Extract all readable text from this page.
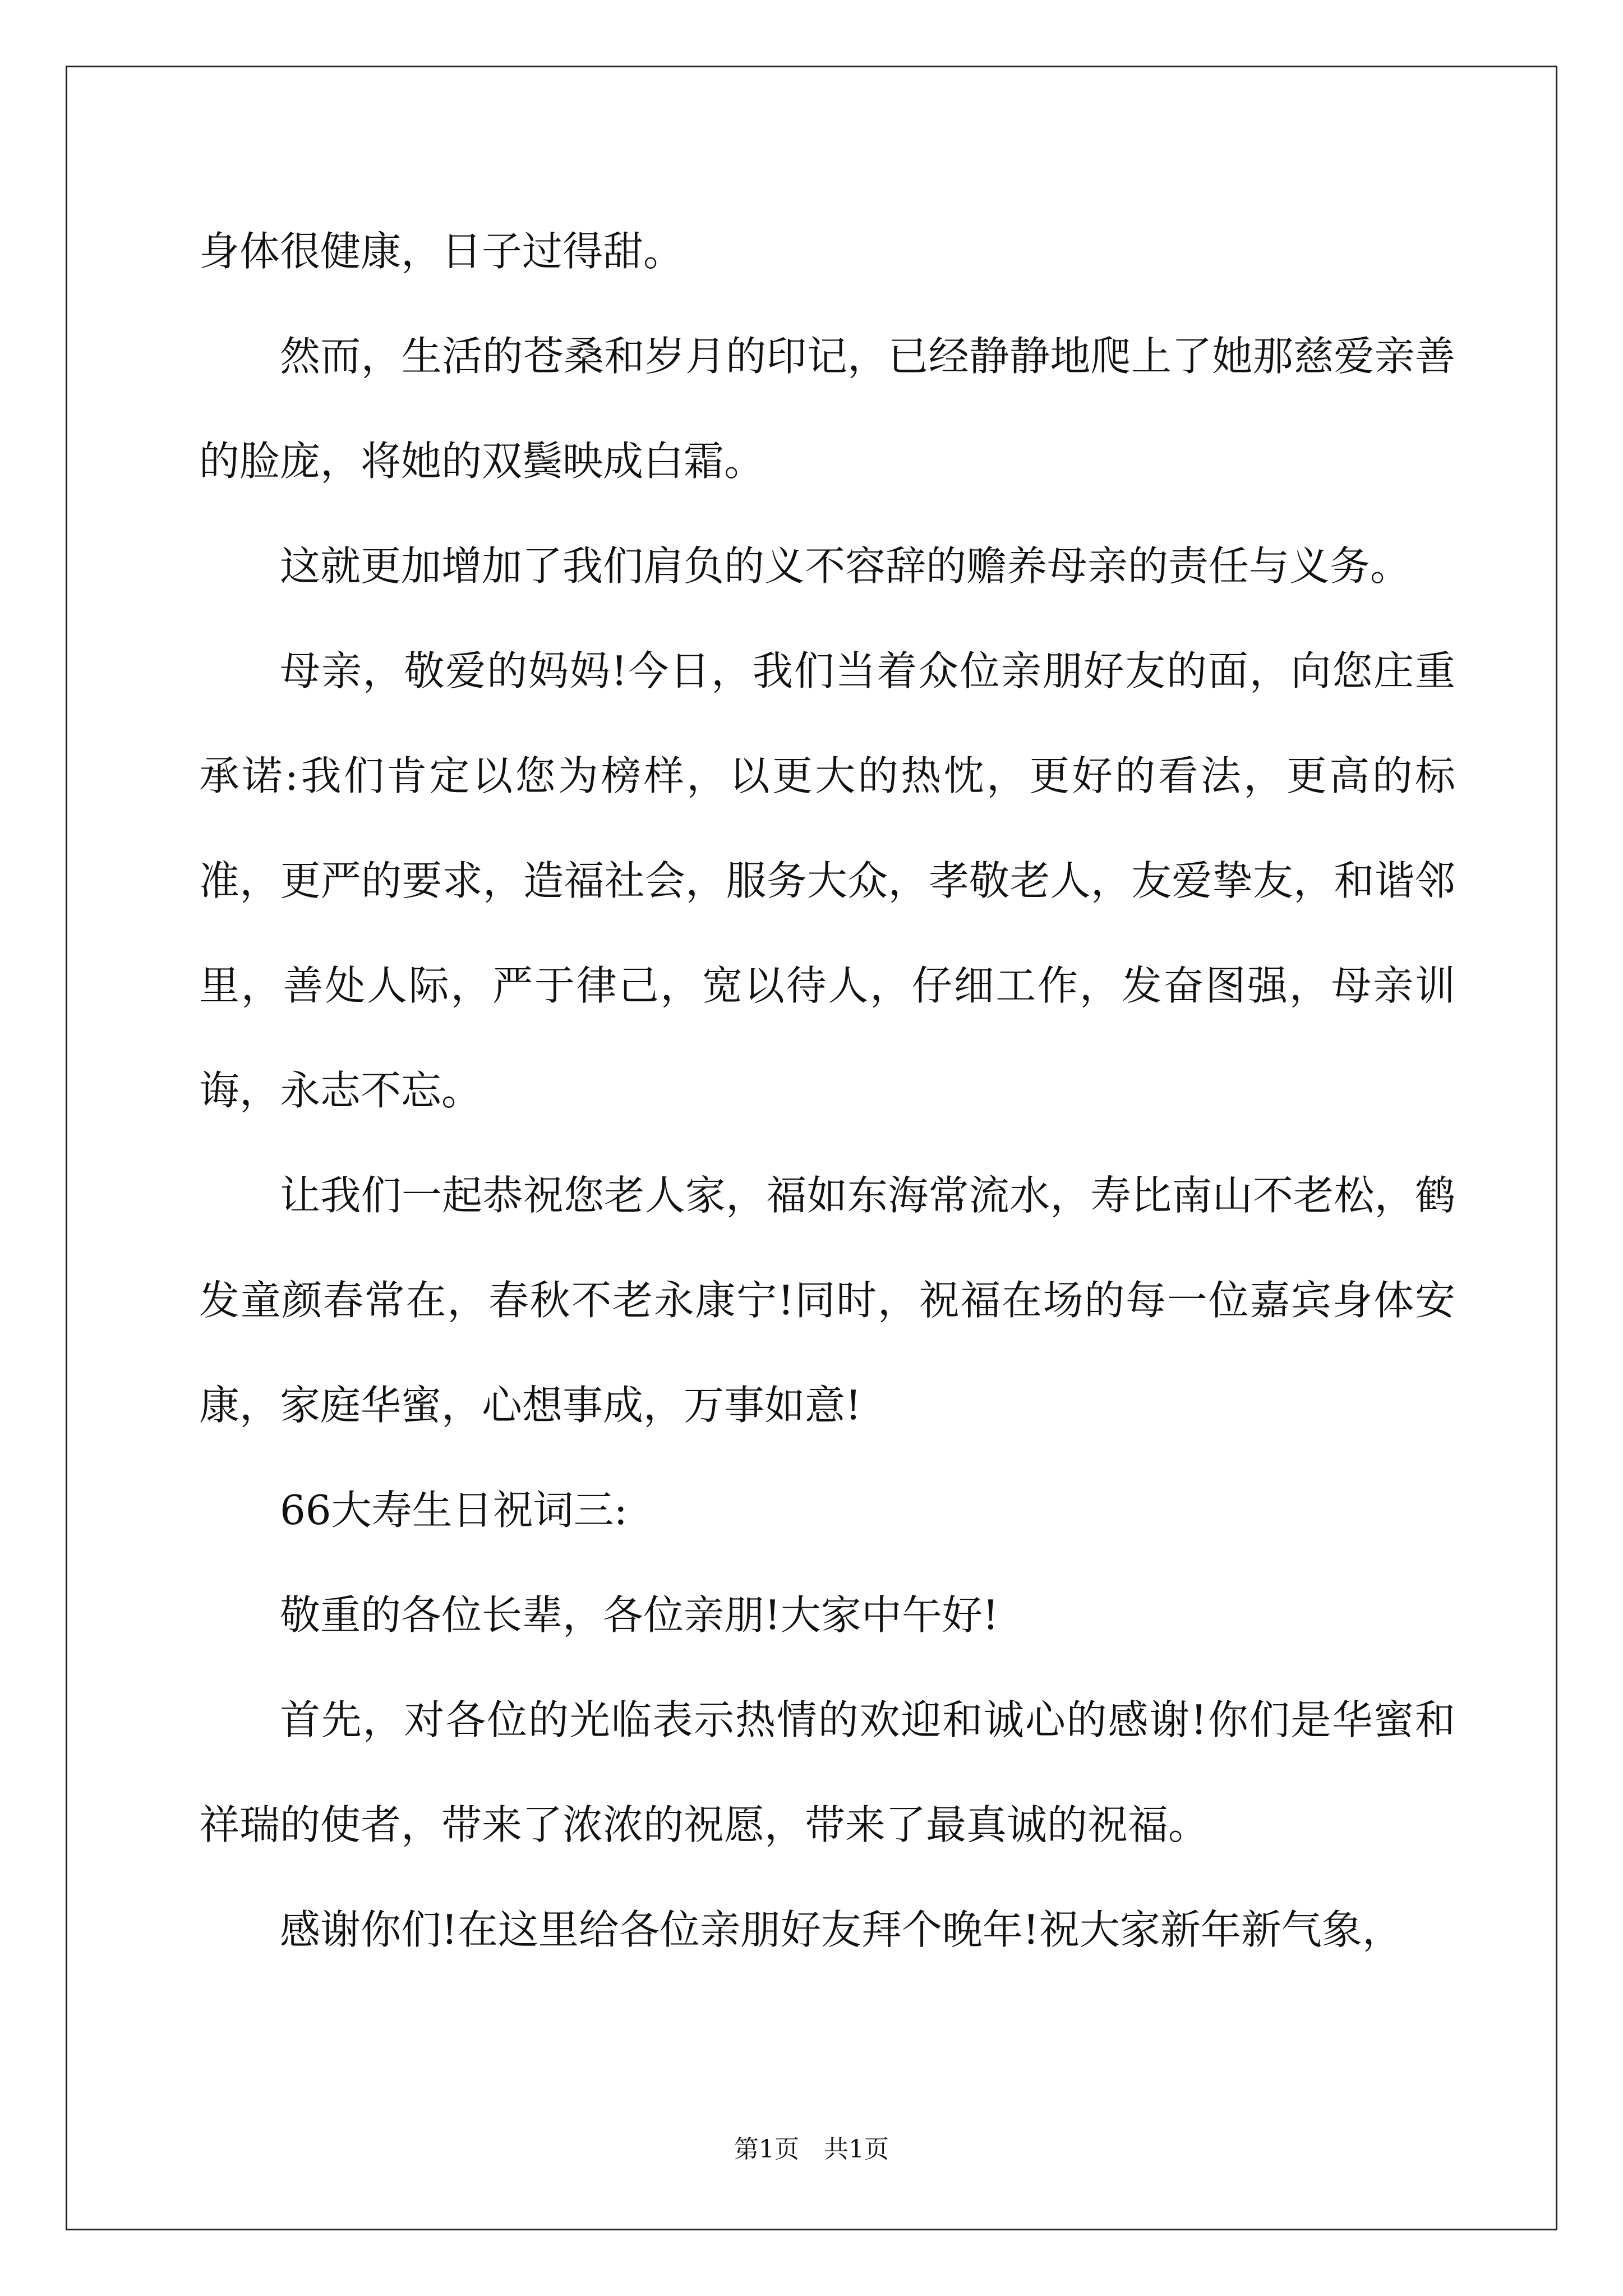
身体很健康，日子过得甜。

然而，生活的苍桑和岁月的印记，已经静静地爬上了她那慈爱亲善的脸庞，将她的双鬓映成白霜。

这就更加增加了我们肩负的义不容辞的赡养母亲的责任与义务。

母亲，敬爱的妈妈!今日，我们当着众位亲朋好友的面，向您庄重承诺:我们肯定以您为榜样，以更大的热忱，更好的看法，更高的标准，更严的要求，造福社会，服务大众，孝敬老人，友爱挚友，和谐邻里，善处人际，严于律己，宽以待人，仔细工作，发奋图强，母亲训诲，永志不忘。

让我们一起恭祝您老人家，福如东海常流水，寿比南山不老松，鹤发童颜春常在，春秋不老永康宁!同时，祝福在场的每一位嘉宾身体安康，家庭华蜜，心想事成，万事如意!

66大寿生日祝词三:

敬重的各位长辈，各位亲朋!大家中午好!

首先，对各位的光临表示热情的欢迎和诚心的感谢!你们是华蜜和祥瑞的使者，带来了浓浓的祝愿，带来了最真诚的祝福。

感谢你们!在这里给各位亲朋好友拜个晚年!祝大家新年新气象，

第1页　共1页
